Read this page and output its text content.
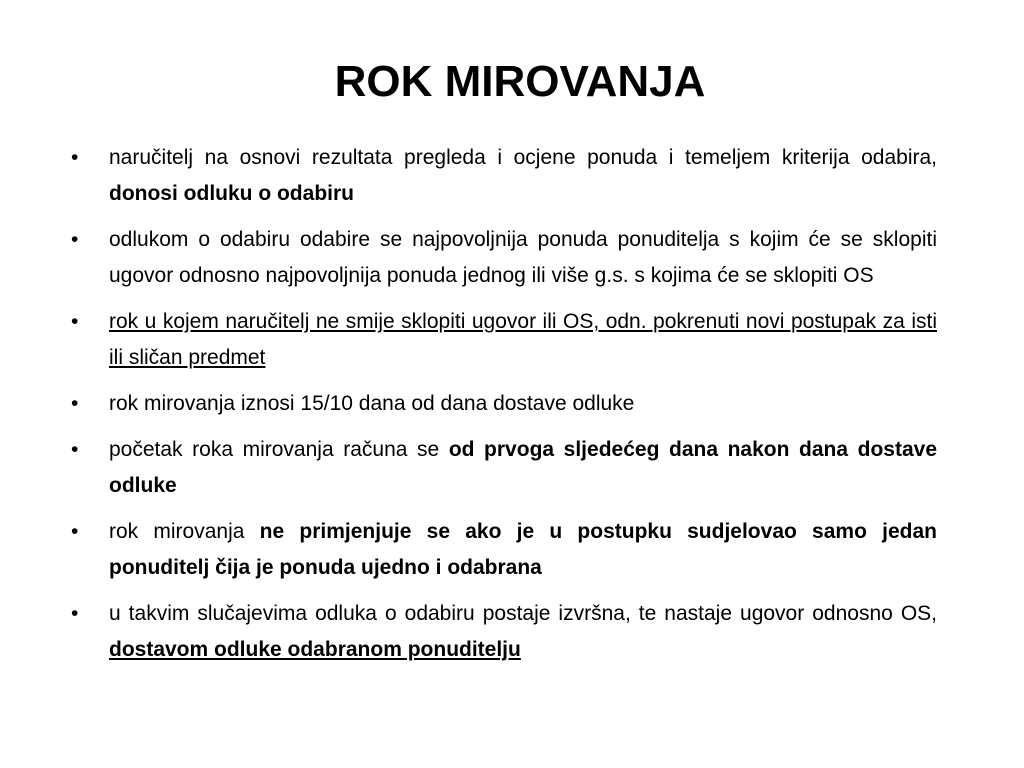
ROK MIROVANJA
•	naručitelj na osnovi rezultata pregleda i ocjene ponuda i temeljem kriterija odabira, donosi odluku o odabiru
•	odlukom o odabiru odabire se najpovoljnija ponuda ponuditelja s kojim će se sklopiti ugovor odnosno najpovoljnija ponuda jednog ili više g.s. s kojima će se sklopiti OS
•	rok u kojem naručitelj ne smije sklopiti ugovor ili OS, odn. pokrenuti novi postupak za isti ili sličan predmet
•	rok mirovanja iznosi 15/10 dana od dana dostave odluke
•	početak roka mirovanja računa se od prvoga sljedećeg dana nakon dana dostave odluke
•	rok mirovanja ne primjenjuje se ako je u postupku sudjelovao samo jedan ponuditelj čija je ponuda ujedno i odabrana
•	u takvim slučajevima odluka o odabiru postaje izvršna, te nastaje ugovor odnosno OS, dostavom odluke odabranom ponuditelju
